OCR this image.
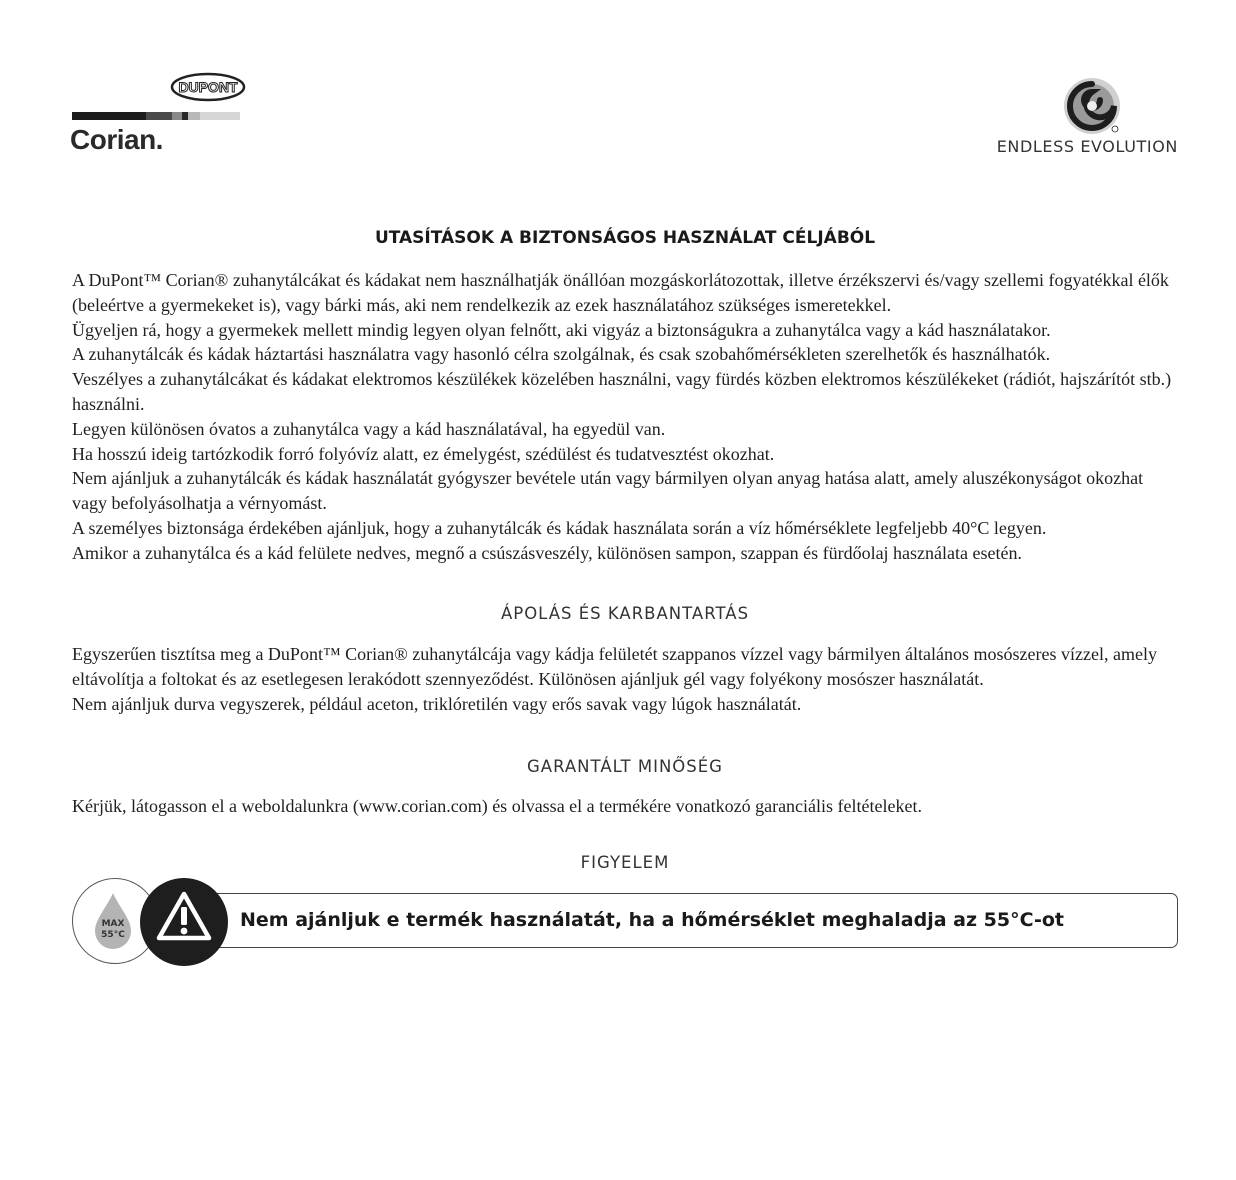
DUPONT
Corian.	ENDLESS EVOLUTION
UTASÍTÁSOK A BIZTONSÁGOS HASZNÁLAT CÉLJÁBÓL

A DuPont™ Corian® zuhanytálcákat és kádakat nem használhatják önállóan mozgáskorlátozottak, illetve érzékszervi és/vagy szellemi fogyatékkal élők (beleértve a gyermekeket is), vagy bárki más, aki nem rendelkezik az ezek használatához szükséges ismeretekkel.

Ügyeljen rá, hogy a gyermekek mellett mindig legyen olyan felnőtt, aki vigyáz a biztonságukra a zuhanytálca vagy a kád használatakor.

A zuhanytálcák és kádak háztartási használatra vagy hasonló célra szolgálnak, és csak szobahőmérsékleten szerelhetők és használhatók.

Veszélyes a zuhanytálcákat és kádakat elektromos készülékek közelében használni, vagy fürdés közben elektromos készülékeket (rádiót, hajszárítót stb.) használni.

Legyen különösen óvatos a zuhanytálca vagy a kád használatával, ha egyedül van.

Ha hosszú ideig tartózkodik forró folyóvíz alatt, ez émelygést, szédülést és tudatvesztést okozhat.

Nem ajánljuk a zuhanytálcák és kádak használatát gyógyszer bevétele után vagy bármilyen olyan anyag hatása alatt, amely aluszékonyságot okozhat vagy befolyásolhatja a vérnyomást.

A személyes biztonsága érdekében ajánljuk, hogy a zuhanytálcák és kádak használata során a víz hőmérséklete legfeljebb 40°C legyen.

Amikor a zuhanytálca és a kád felülete nedves, megnő a csúszásveszély, különösen sampon, szappan és fürdőolaj használata esetén.

ÁPOLÁS ÉS KARBANTARTÁS

Egyszerűen tisztítsa meg a DuPont™ Corian® zuhanytálcája vagy kádja felületét szappanos vízzel vagy bármilyen általános mosószeres vízzel, amely eltávolítja a foltokat és az esetlegesen lerakódott szennyeződést. Különösen ajánljuk gél vagy folyékony mosószer használatát.

Nem ajánljuk durva vegyszerek, például aceton, triklóretilén vagy erős savak vagy lúgok használatát.

GARANTÁLT MINŐSÉG

Kérjük, látogasson el a weboldalunkra (www.corian.com) és olvassa el a termékére vonatkozó garanciális feltételeket.

FIGYELEM
Nem ajánljuk e termék használatát, ha a hőmérséklet meghaladja az 55°C-ot
MAX
55°C
